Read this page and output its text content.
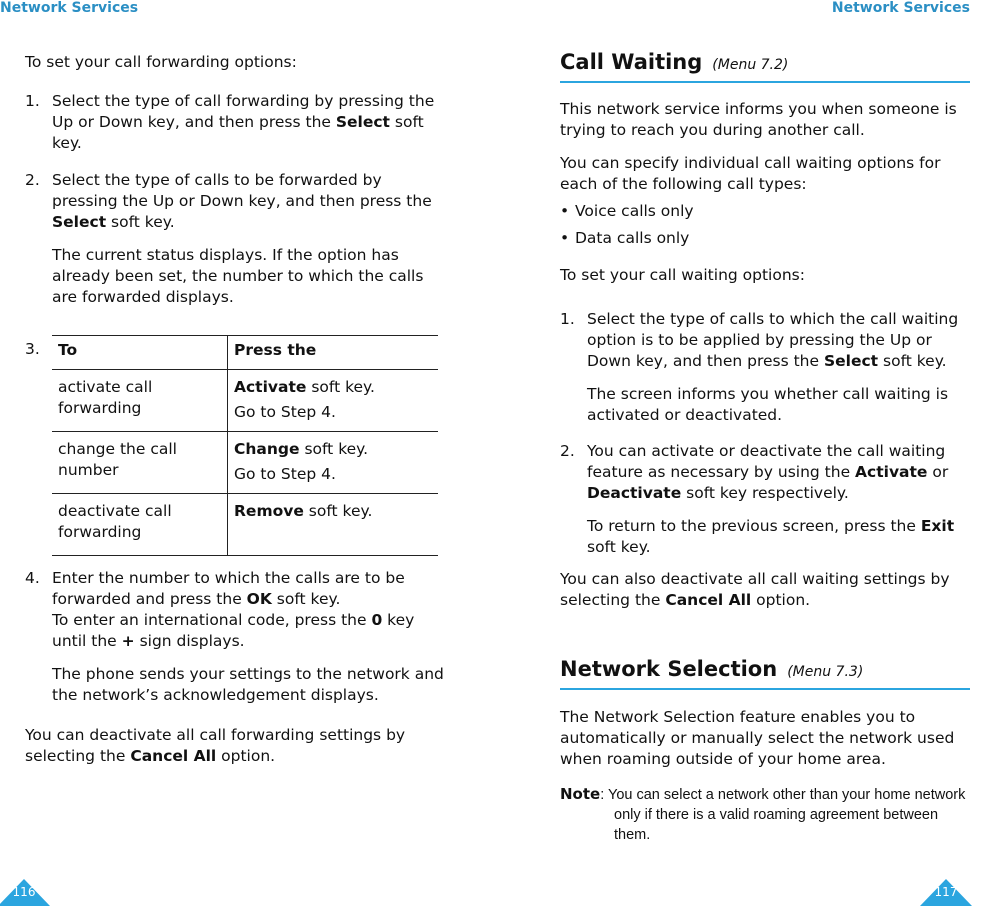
Network Services

To set your call forwarding options:

1. Select the type of call forwarding by pressing the Up or Down key, and then press the Select soft key.

2. Select the type of calls to be forwarded by pressing the Up or Down key, and then press the Select soft key.

The current status displays. If the option has already been set, the number to which the calls are forwarded displays.

3. To	Press the
activate call forwarding	Activate soft key.
Go to Step 4.
change the call number	Change soft key.
Go to Step 4.
deactivate call forwarding	Remove soft key.
4. Enter the number to which the calls are to be forwarded and press the OK soft key.
To enter an international code, press the 0 key until the + sign displays.

The phone sends your settings to the network and the network’s acknowledgement displays.

You can deactivate all call forwarding settings by selecting the Cancel All option.

116
Network Services
Call Waiting (Menu 7.2)

This network service informs you when someone is trying to reach you during another call.

You can specify individual call waiting options for each of the following call types:

• Voice calls only

• Data calls only

To set your call waiting options:

1. Select the type of calls to which the call waiting option is to be applied by pressing the Up or Down key, and then press the Select soft key.

The screen informs you whether call waiting is activated or deactivated.

2. You can activate or deactivate the call waiting feature as necessary by using the Activate or Deactivate soft key respectively.

To return to the previous screen, press the Exit soft key.

You can also deactivate all call waiting settings by selecting the Cancel All option.

Network Selection (Menu 7.3)

The Network Selection feature enables you to automatically or manually select the network used when roaming outside of your home area.

Note: You can select a network other than your home network only if there is a valid roaming agreement between them.

117
